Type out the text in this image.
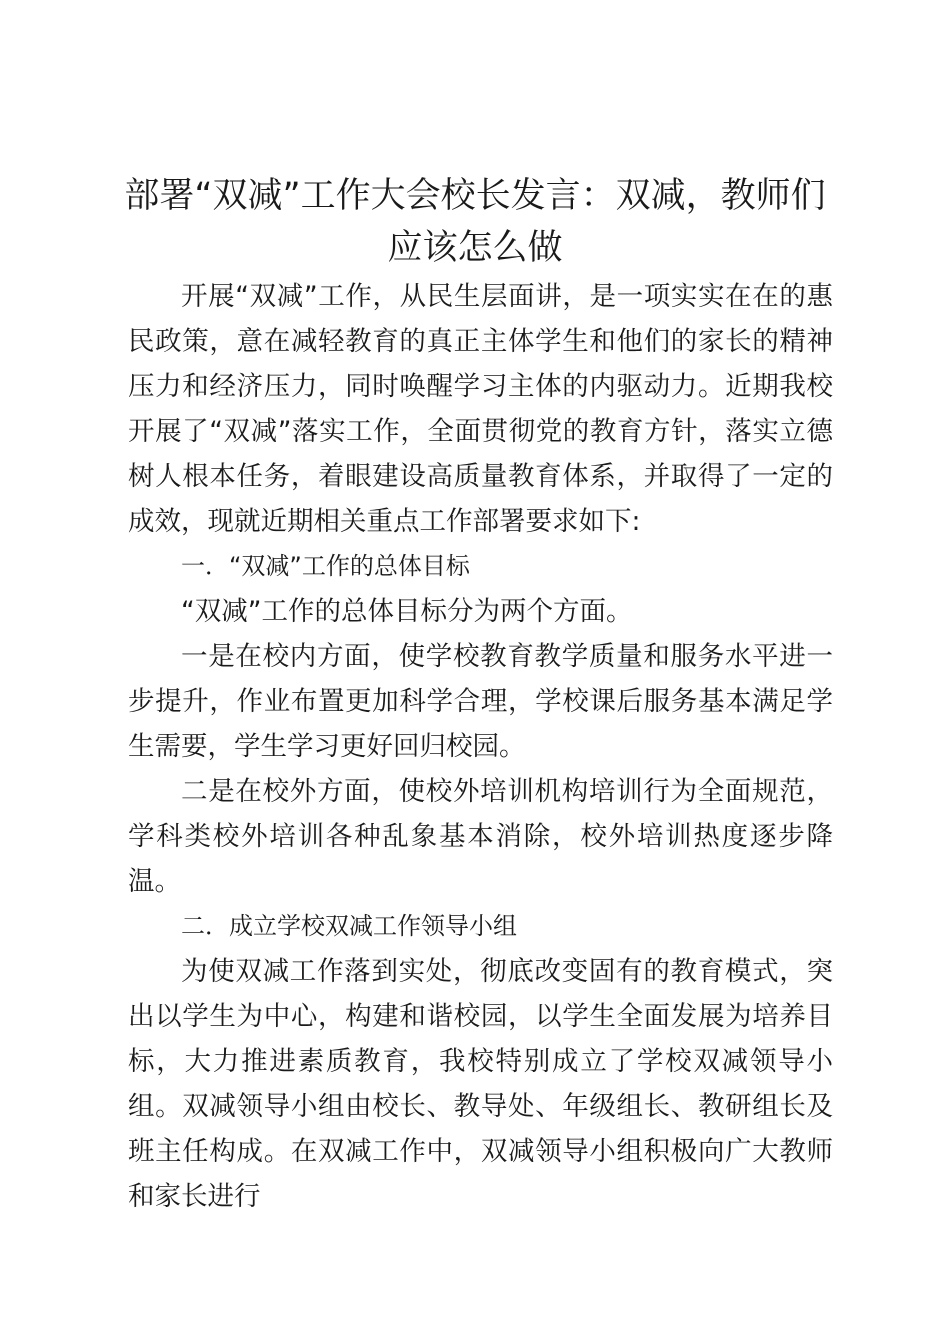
部署“双减”工作大会校长发言：双减，教师们应该怎么做

开展“双减”工作，从民生层面讲，是一项实实在在的惠民政策，意在减轻教育的真正主体学生和他们的家长的精神压力和经济压力，同时唤醒学习主体的内驱动力。近期我校开展了“双减”落实工作，全面贯彻党的教育方针，落实立德树人根本任务，着眼建设高质量教育体系，并取得了一定的成效，现就近期相关重点工作部署要求如下:

一．“双减”工作的总体目标

“双减”工作的总体目标分为两个方面。

一是在校内方面，使学校教育教学质量和服务水平进一步提升，作业布置更加科学合理，学校课后服务基本满足学生需要，学生学习更好回归校园。

二是在校外方面，使校外培训机构培训行为全面规范，学科类校外培训各种乱象基本消除，校外培训热度逐步降温。

二．成立学校双减工作领导小组

为使双减工作落到实处，彻底改变固有的教育模式，突出以学生为中心，构建和谐校园，以学生全面发展为培养目标，大力推进素质教育，我校特别成立了学校双减领导小组。双减领导小组由校长、教导处、年级组长、教研组长及班主任构成。在双减工作中，双减领导小组积极向广大教师和家长进行
